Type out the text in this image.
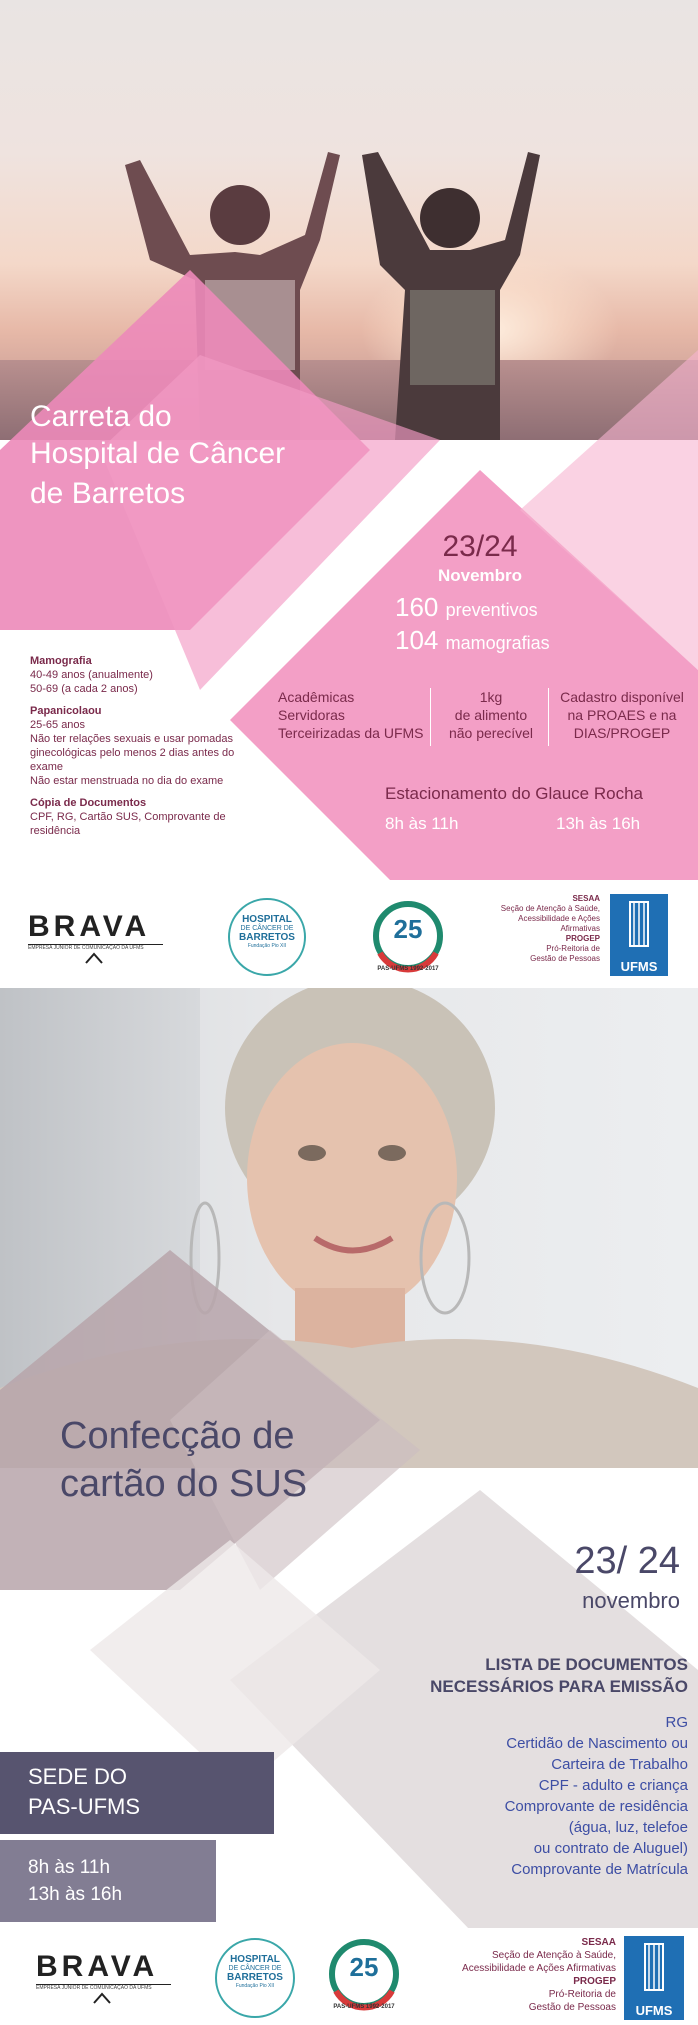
Carreta do
Hospital de Câncer
de Barretos
23/24
Novembro
160 preventivos
104 mamografias
Acadêmicas
Servidoras
Terceirizadas da UFMS
1kg
de alimento
não perecível
Cadastro disponível
na PROAES e na
DIAS/PROGEP
Estacionamento do Glauce Rocha
8h às 11h	13h às 16h
Mamografia
40-49 anos (anualmente)
50-69 (a cada 2 anos)
Papanicolaou
25-65 anos
Não ter relações sexuais e usar pomadas
ginecológicas pelo menos 2 dias antes do
exame
Não estar menstruada no dia do exame
Cópia de Documentos
CPF, RG, Cartão SUS, Comprovante de
residência
BRAVA
EMPRESA JÚNIOR DE COMUNICAÇÃO DA UFMS
HOSPITAL
DE CÂNCER DE
BARRETOS
Fundação Pio XII
25
PAS-UFMS 1992-2017
SESAA
Seção de Atenção à Saúde,
Acessibilidade e Ações
Afirmativas
PROGEP
Pró-Reitoria de
Gestão de Pessoas
UFMS
Confecção de
cartão do SUS
23/ 24
novembro
LISTA DE DOCUMENTOS
NECESSÁRIOS PARA EMISSÃO
RG
Certidão de Nascimento ou
Carteira de Trabalho
CPF - adulto e criança
Comprovante de residência
(água, luz, telefoe
ou contrato de Aluguel)
Comprovante de Matrícula
SEDE DO
PAS-UFMS
8h às 11h
13h às 16h
BRAVA
EMPRESA JÚNIOR DE COMUNICAÇÃO DA UFMS
HOSPITAL
DE CÂNCER DE
BARRETOS
Fundação Pio XII
25
PAS-UFMS 1992-2017
SESAA
Seção de Atenção à Saúde,
Acessibilidade e Ações Afirmativas
PROGEP
Pró-Reitoria de
Gestão de Pessoas	UFMS
